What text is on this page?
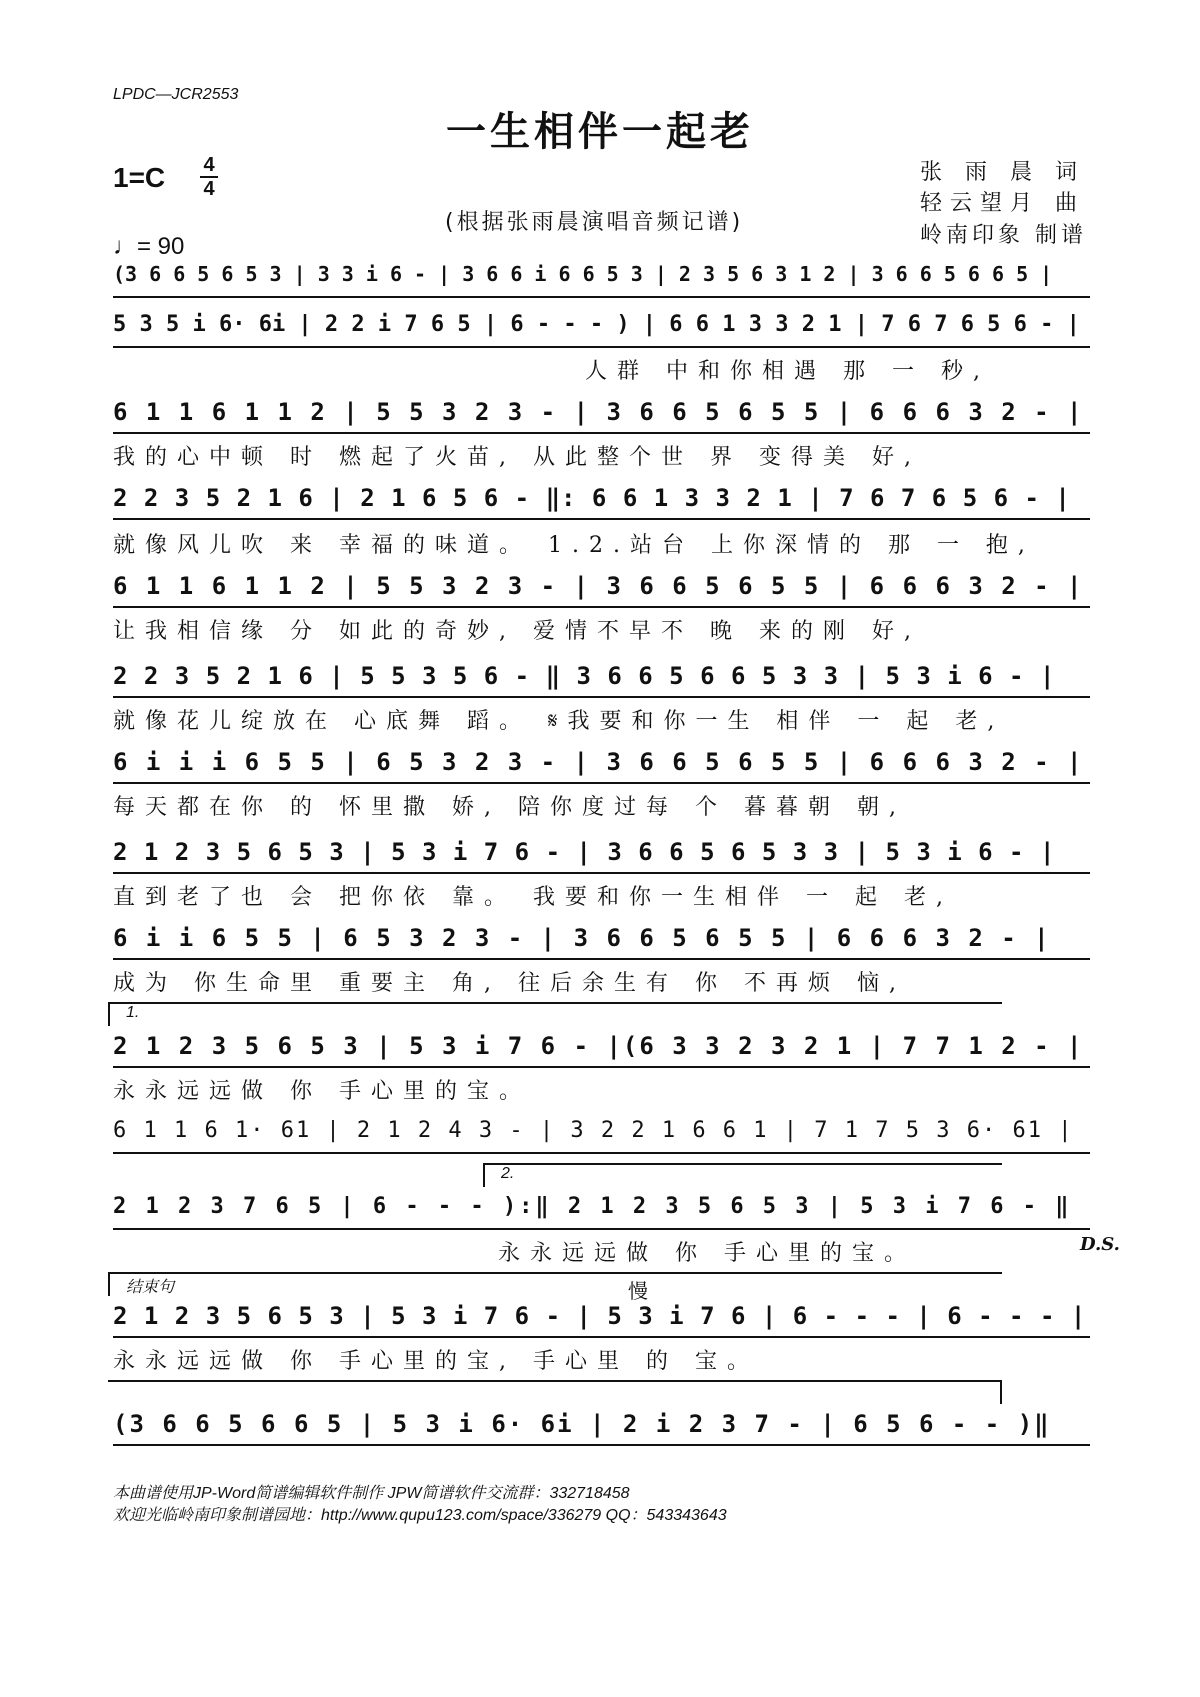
LPDC—JCR2553
一生相伴一起老
1=C 4
4
(根据张雨晨演唱音频记谱)
♩= 90
张 雨 晨 词
轻云望月 曲
岭南印象 制谱
(3 6 6 5 6 5 3 | 3 3 i 6 - | 3 6 6 i 6 6 5 3 | 2 3 5 6 3 1 2 | 3 6 6 5 6 6 5 |
5 3 5 i 6· 6i | 2 2 i 7 6 5 | 6 - - - ) | 6 6 1 3 3 2 1 | 7 6 7 6 5 6 - |
人群 中和你相遇 那 一 秒,
6 1 1 6 1 1 2 | 5 5 3 2 3 - | 3 6 6 5 6 5 5 | 6 6 6 3 2 - |
我的心中顿 时 燃起了火苗, 从此整个世 界 变得美 好,
2 2 3 5 2 1 6 | 2 1 6 5 6 - ‖: 6 6 1 3 3 2 1 | 7 6 7 6 5 6 - |
就像风儿吹 来 幸福的味道。 1.2.站台 上你深情的 那 一 抱,
6 1 1 6 1 1 2 | 5 5 3 2 3 - | 3 6 6 5 6 5 5 | 6 6 6 3 2 - |
让我相信缘 分 如此的奇妙, 爱情不早不 晚 来的刚 好,
2 2 3 5 2 1 6 | 5 5 3 5 6 - ‖ 3 6 6 5 6 6 5 3 3 | 5 3 i 6 - |
就像花儿绽放在 心底舞 蹈。 𝄋我要和你一生 相伴 一 起 老,
6 i i i 6 5 5 | 6 5 3 2 3 - | 3 6 6 5 6 5 5 | 6 6 6 3 2 - |
每天都在你 的 怀里撒 娇, 陪你度过每 个 暮暮朝 朝,
2 1 2 3 5 6 5 3 | 5 3 i 7 6 - | 3 6 6 5 6 5 3 3 | 5 3 i 6 - |
直到老了也 会 把你依 靠。 我要和你一生相伴 一 起 老,
6 i i 6 5 5 | 6 5 3 2 3 - | 3 6 6 5 6 5 5 | 6 6 6 3 2 - |
成为 你生命里 重要主 角, 往后余生有 你 不再烦 恼,
1.
2 1 2 3 5 6 5 3 | 5 3 i 7 6 - |(6 3 3 2 3 2 1 | 7 7 1 2 - |
永永远远做 你 手心里的宝。
6 1 1 6 1· 61 | 2 1 2 4 3 - | 3 2 2 1 6 6 1 | 7 1 7 5 3 6· 61 |
2.
2 1 2 3 7 6 5 | 6 - - - ):‖ 2 1 2 3 5 6 5 3 | 5 3 i 7 6 - ‖
永永远远做 你 手心里的宝。	D.S.
结束句	慢
2 1 2 3 5 6 5 3 | 5 3 i 7 6 - | 5 3 i 7 6 | 6 - - - | 6 - - - |
永永远远做 你 手心里的宝, 手心里 的 宝。
(3 6 6 5 6 6 5 | 5 3 i 6· 6i | 2 i 2 3 7 - | 6 5 6 - - )‖
本曲谱使用JP-Word简谱编辑软件制作 JPW简谱软件交流群：332718458
欢迎光临岭南印象制谱园地：http://www.qupu123.com/space/336279 QQ：543343643
